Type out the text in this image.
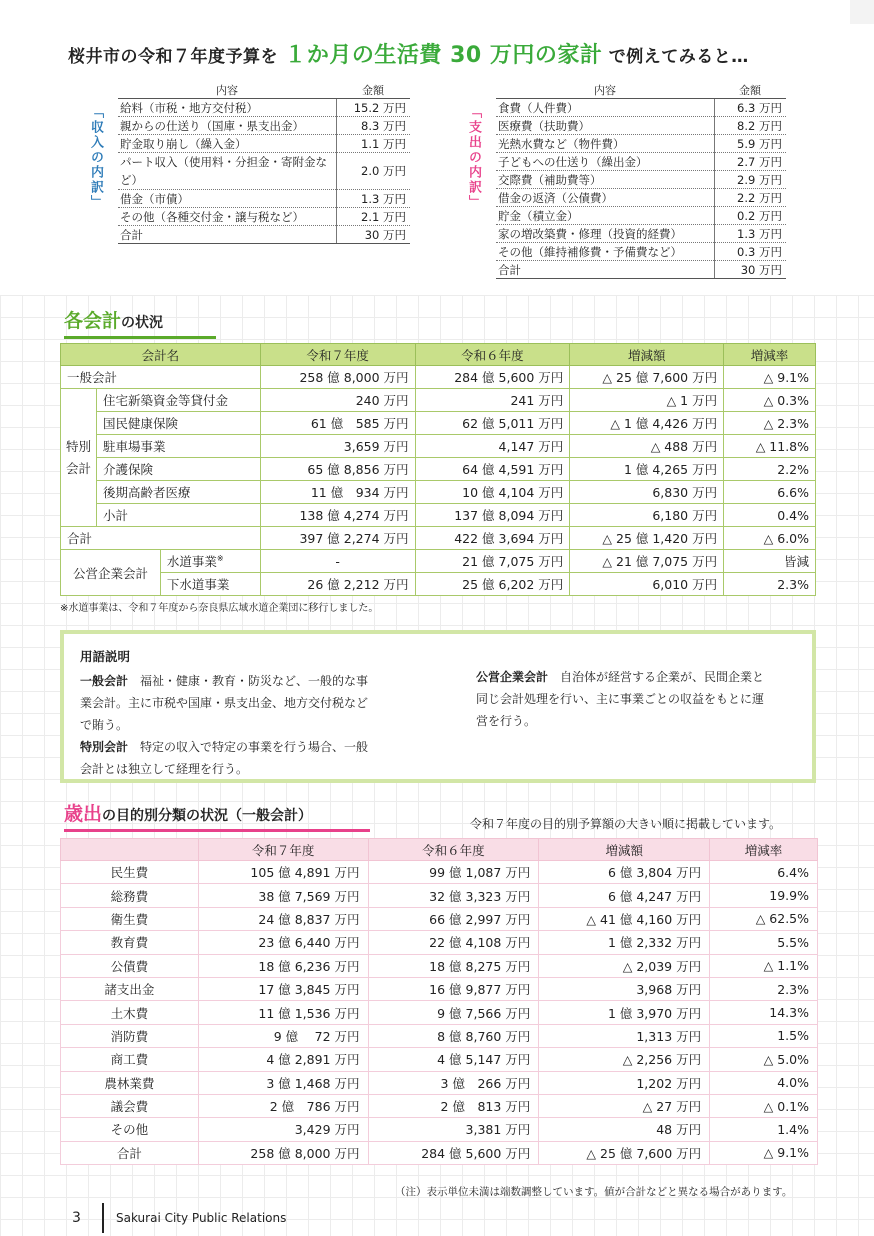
桜井市の令和７年度予算を １か月の生活費 30 万円の家計 で例えてみると…
「収入の内訳」
内容	金額
給料（市税・地方交付税）	15.2 万円
親からの仕送り（国庫・県支出金）	8.3 万円
貯金取り崩し（繰入金）	1.1 万円
パート収入（使用料・分担金・寄附金など）	2.0 万円
借金（市債）	1.3 万円
その他（各種交付金・譲与税など）	2.1 万円
合計	30 万円
「支出の内訳」
内容	金額
食費（人件費）	6.3 万円
医療費（扶助費）	8.2 万円
光熱水費など（物件費）	5.9 万円
子どもへの仕送り（繰出金）	2.7 万円
交際費（補助費等）	2.9 万円
借金の返済（公債費）	2.2 万円
貯金（積立金）	0.2 万円
家の増改築費・修理（投資的経費）	1.3 万円
その他（維持補修費・予備費など）	0.3 万円
合計	30 万円
各会計の状況
会計名			令和７年度	令和６年度	増減額	増減率
一般会計			258 億 8,000 万円	284 億 5,600 万円	△ 25 億 7,600 万円	△ 9.1%
特別会計	住宅新築資金等貸付金		240 万円	241 万円	△ 1 万円	△ 0.3%
	国民健康保険		61 億　585 万円	62 億 5,011 万円	△ 1 億 4,426 万円	△ 2.3%
	駐車場事業		3,659 万円	4,147 万円	△ 488 万円	△ 11.8%
	介護保険		65 億 8,856 万円	64 億 4,591 万円	1 億 4,265 万円	2.2%
	後期高齢者医療		11 億　934 万円	10 億 4,104 万円	6,830 万円	6.6%
	小計		138 億 4,274 万円	137 億 8,094 万円	6,180 万円	0.4%
合計			397 億 2,274 万円	422 億 3,694 万円	△ 25 億 1,420 万円	△ 6.0%
公営企業会計		水道事業※	-	21 億 7,075 万円	△ 21 億 7,075 万円	皆減
		下水道事業	26 億 2,212 万円	25 億 6,202 万円	6,010 万円	2.3%
※水道事業は、令和７年度から奈良県広域水道企業団に移行しました。
用語説明
一般会計　福祉・健康・教育・防災など、一般的な事
業会計。主に市税や国庫・県支出金、地方交付税など
で賄う。
特別会計　特定の収入で特定の事業を行う場合、一般
会計とは独立して経理を行う。
公営企業会計　自治体が経営する企業が、民間企業と
同じ会計処理を行い、主に事業ごとの収益をもとに運
営を行う。
歳出の目的別分類の状況（一般会計）	令和７年度の目的別予算額の大きい順に掲載しています。
	令和７年度	令和６年度	増減額	増減率
民生費	105 億 4,891 万円	99 億 1,087 万円	6 億 3,804 万円	6.4%
総務費	38 億 7,569 万円	32 億 3,323 万円	6 億 4,247 万円	19.9%
衛生費	24 億 8,837 万円	66 億 2,997 万円	△ 41 億 4,160 万円	△ 62.5%
教育費	23 億 6,440 万円	22 億 4,108 万円	1 億 2,332 万円	5.5%
公債費	18 億 6,236 万円	18 億 8,275 万円	△ 2,039 万円	△ 1.1%
諸支出金	17 億 3,845 万円	16 億 9,877 万円	3,968 万円	2.3%
土木費	11 億 1,536 万円	9 億 7,566 万円	1 億 3,970 万円	14.3%
消防費	9 億　 72 万円	8 億 8,760 万円	1,313 万円	1.5%
商工費	4 億 2,891 万円	4 億 5,147 万円	△ 2,256 万円	△ 5.0%
農林業費	3 億 1,468 万円	3 億　266 万円	1,202 万円	4.0%
議会費	2 億　786 万円	2 億　813 万円	△ 27 万円	△ 0.1%
その他	3,429 万円	3,381 万円	48 万円	1.4%
合計	258 億 8,000 万円	284 億 5,600 万円	△ 25 億 7,600 万円	△ 9.1%
（注）表示単位未満は端数調整しています。値が合計などと異なる場合があります。
3	Sakurai City Public Relations
